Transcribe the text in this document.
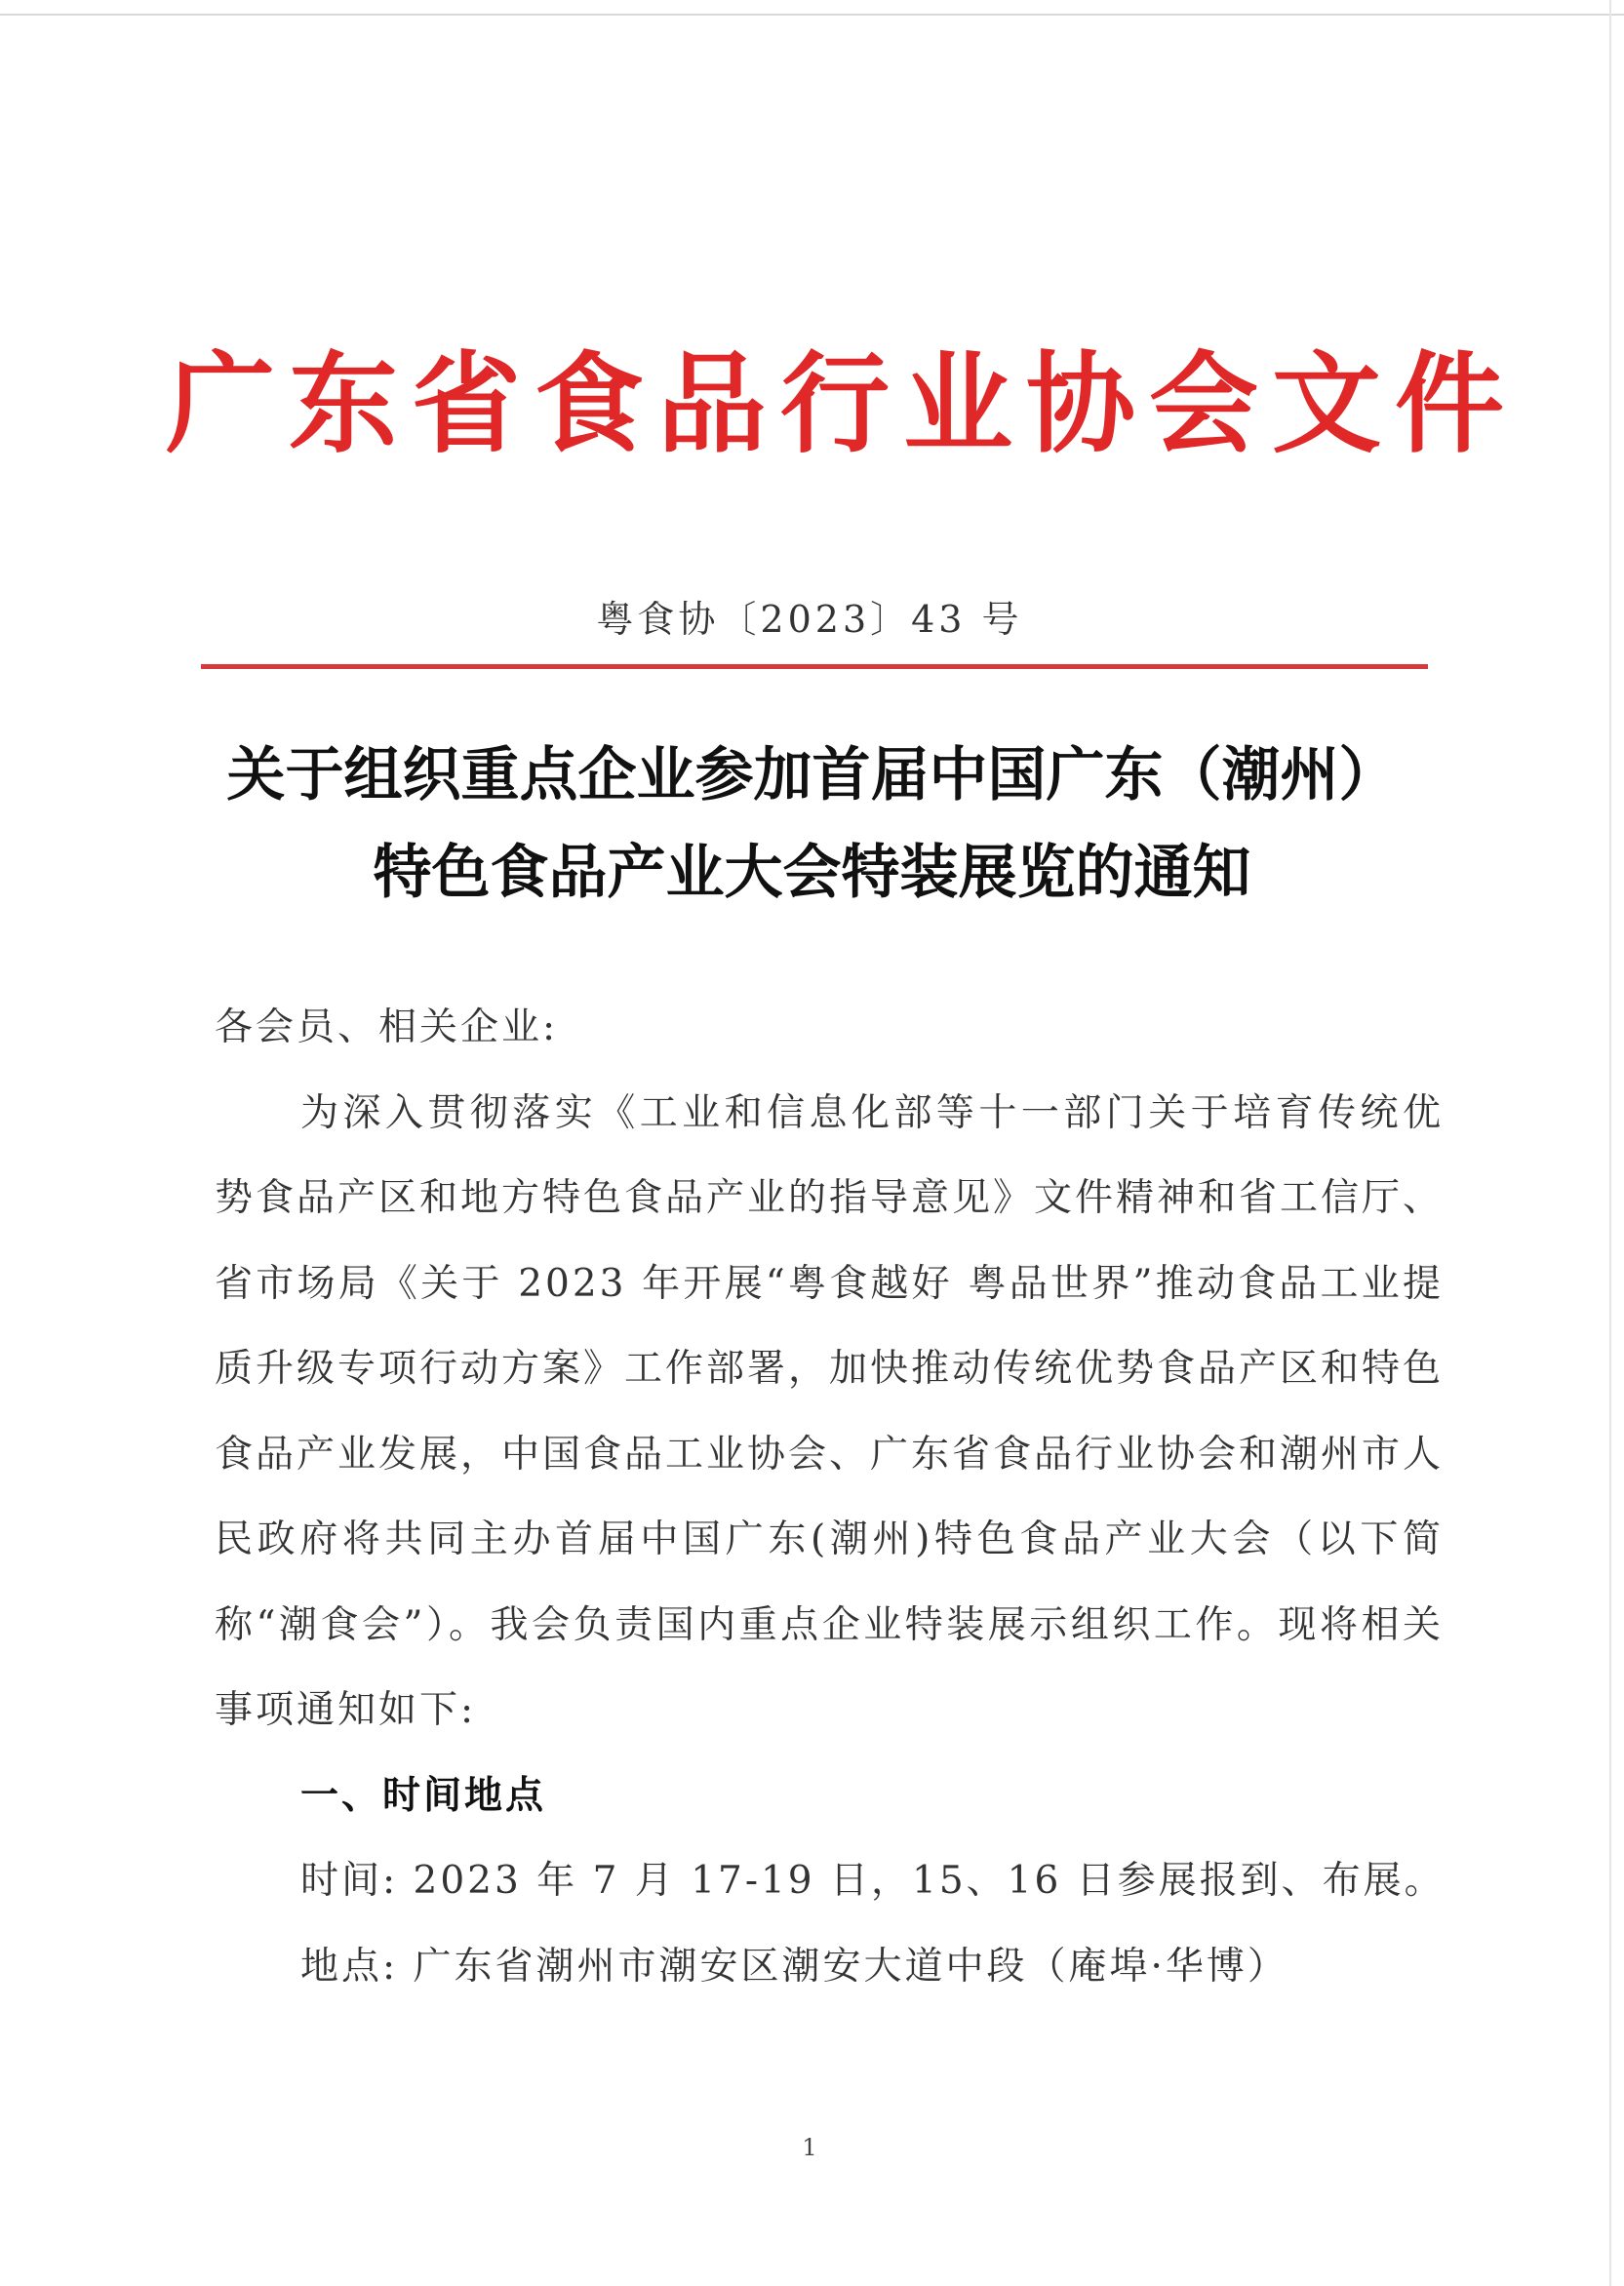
广东省食品行业协会文件
粤食协〔2023〕43 号
关于组织重点企业参加首届中国广东（潮州）
特色食品产业大会特装展览的通知

各会员、相关企业:

为深入贯彻落实《工业和信息化部等十一部门关于培育传统优势食品产区和地方特色食品产业的指导意见》文件精神和省工信厅、省市场局《关于 2023 年开展“粤食越好 粤品世界”推动食品工业提质升级专项行动方案》工作部署，加快推动传统优势食品产区和特色食品产业发展，中国食品工业协会、广东省食品行业协会和潮州市人民政府将共同主办首届中国广东(潮州)特色食品产业大会（以下简称“潮食会”）。我会负责国内重点企业特装展示组织工作。现将相关事项通知如下:

一、时间地点

时间: 2023 年 7 月 17-19 日，15、16 日参展报到、布展。

地点: 广东省潮州市潮安区潮安大道中段（庵埠·华博）

1
